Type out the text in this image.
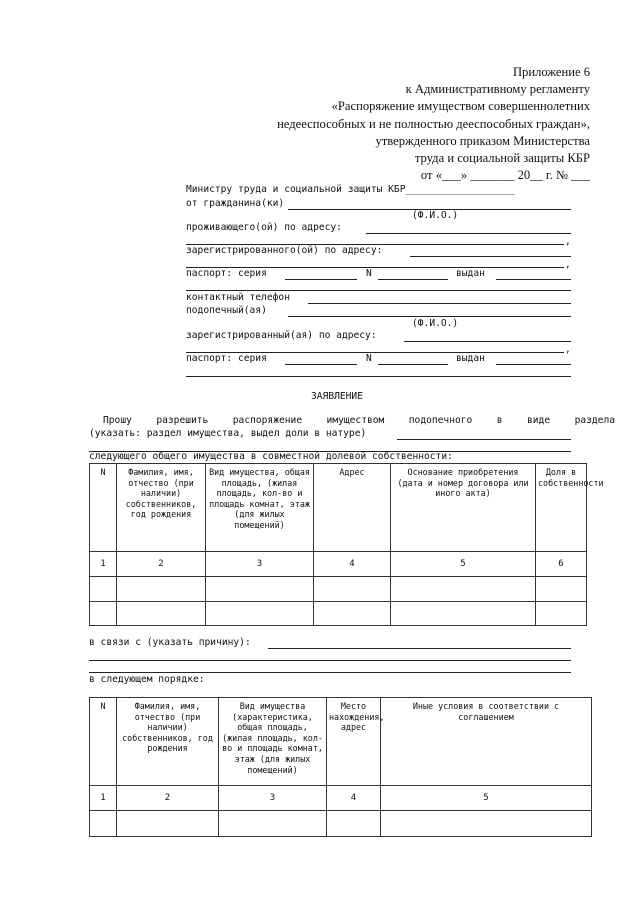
Приложение 6
к Административному регламенту
«Распоряжение имуществом совершеннолетних
недееспособных и не полностью дееспособных граждан»,
утвержденного приказом Министерства
труда и социальной защиты КБР
от «___» _______ 20__ г. № ___
Министру труда и социальной защиты КБР___________________
от гражданина(ки)
(Ф.И.О.)
проживающего(ой) по адресу:
,
зарегистрированного(ой) по адресу:
,
паспорт: серия	N	выдан
контактный телефон
подопечный(ая)
(Ф.И.О.)
зарегистрированный(ая) по адресу:
,
паспорт: серия	N	выдан
ЗАЯВЛЕНИЕ
Прошу	разрешить	распоряжение	имуществом	подопечного	в	виде	раздела
(указать: раздел имущества, выдел доли в натуре)
следующего общего имущества в совместной долевой собственности:
N	Фамилия, имя, отчество (при наличии) собственников, год рождения	Вид имущества, общая площадь, (жилая площадь, кол-во и площадь комнат, этаж (для жилых помещений)	Адрес	Основание приобретения (дата и номер договора или иного акта)	Доля в собственности
1	2	3	4	5	6

в связи с (указать причину):
в следующем порядке:
N	Фамилия, имя, отчество (при наличии) собственников, год рождения	Вид имущества (характеристика, общая площадь, (жилая площадь, кол-во и площадь комнат, этаж (для жилых помещений)	Место нахождения, адрес	Иные условия в соответствии с соглашением
1	2	3	4	5
